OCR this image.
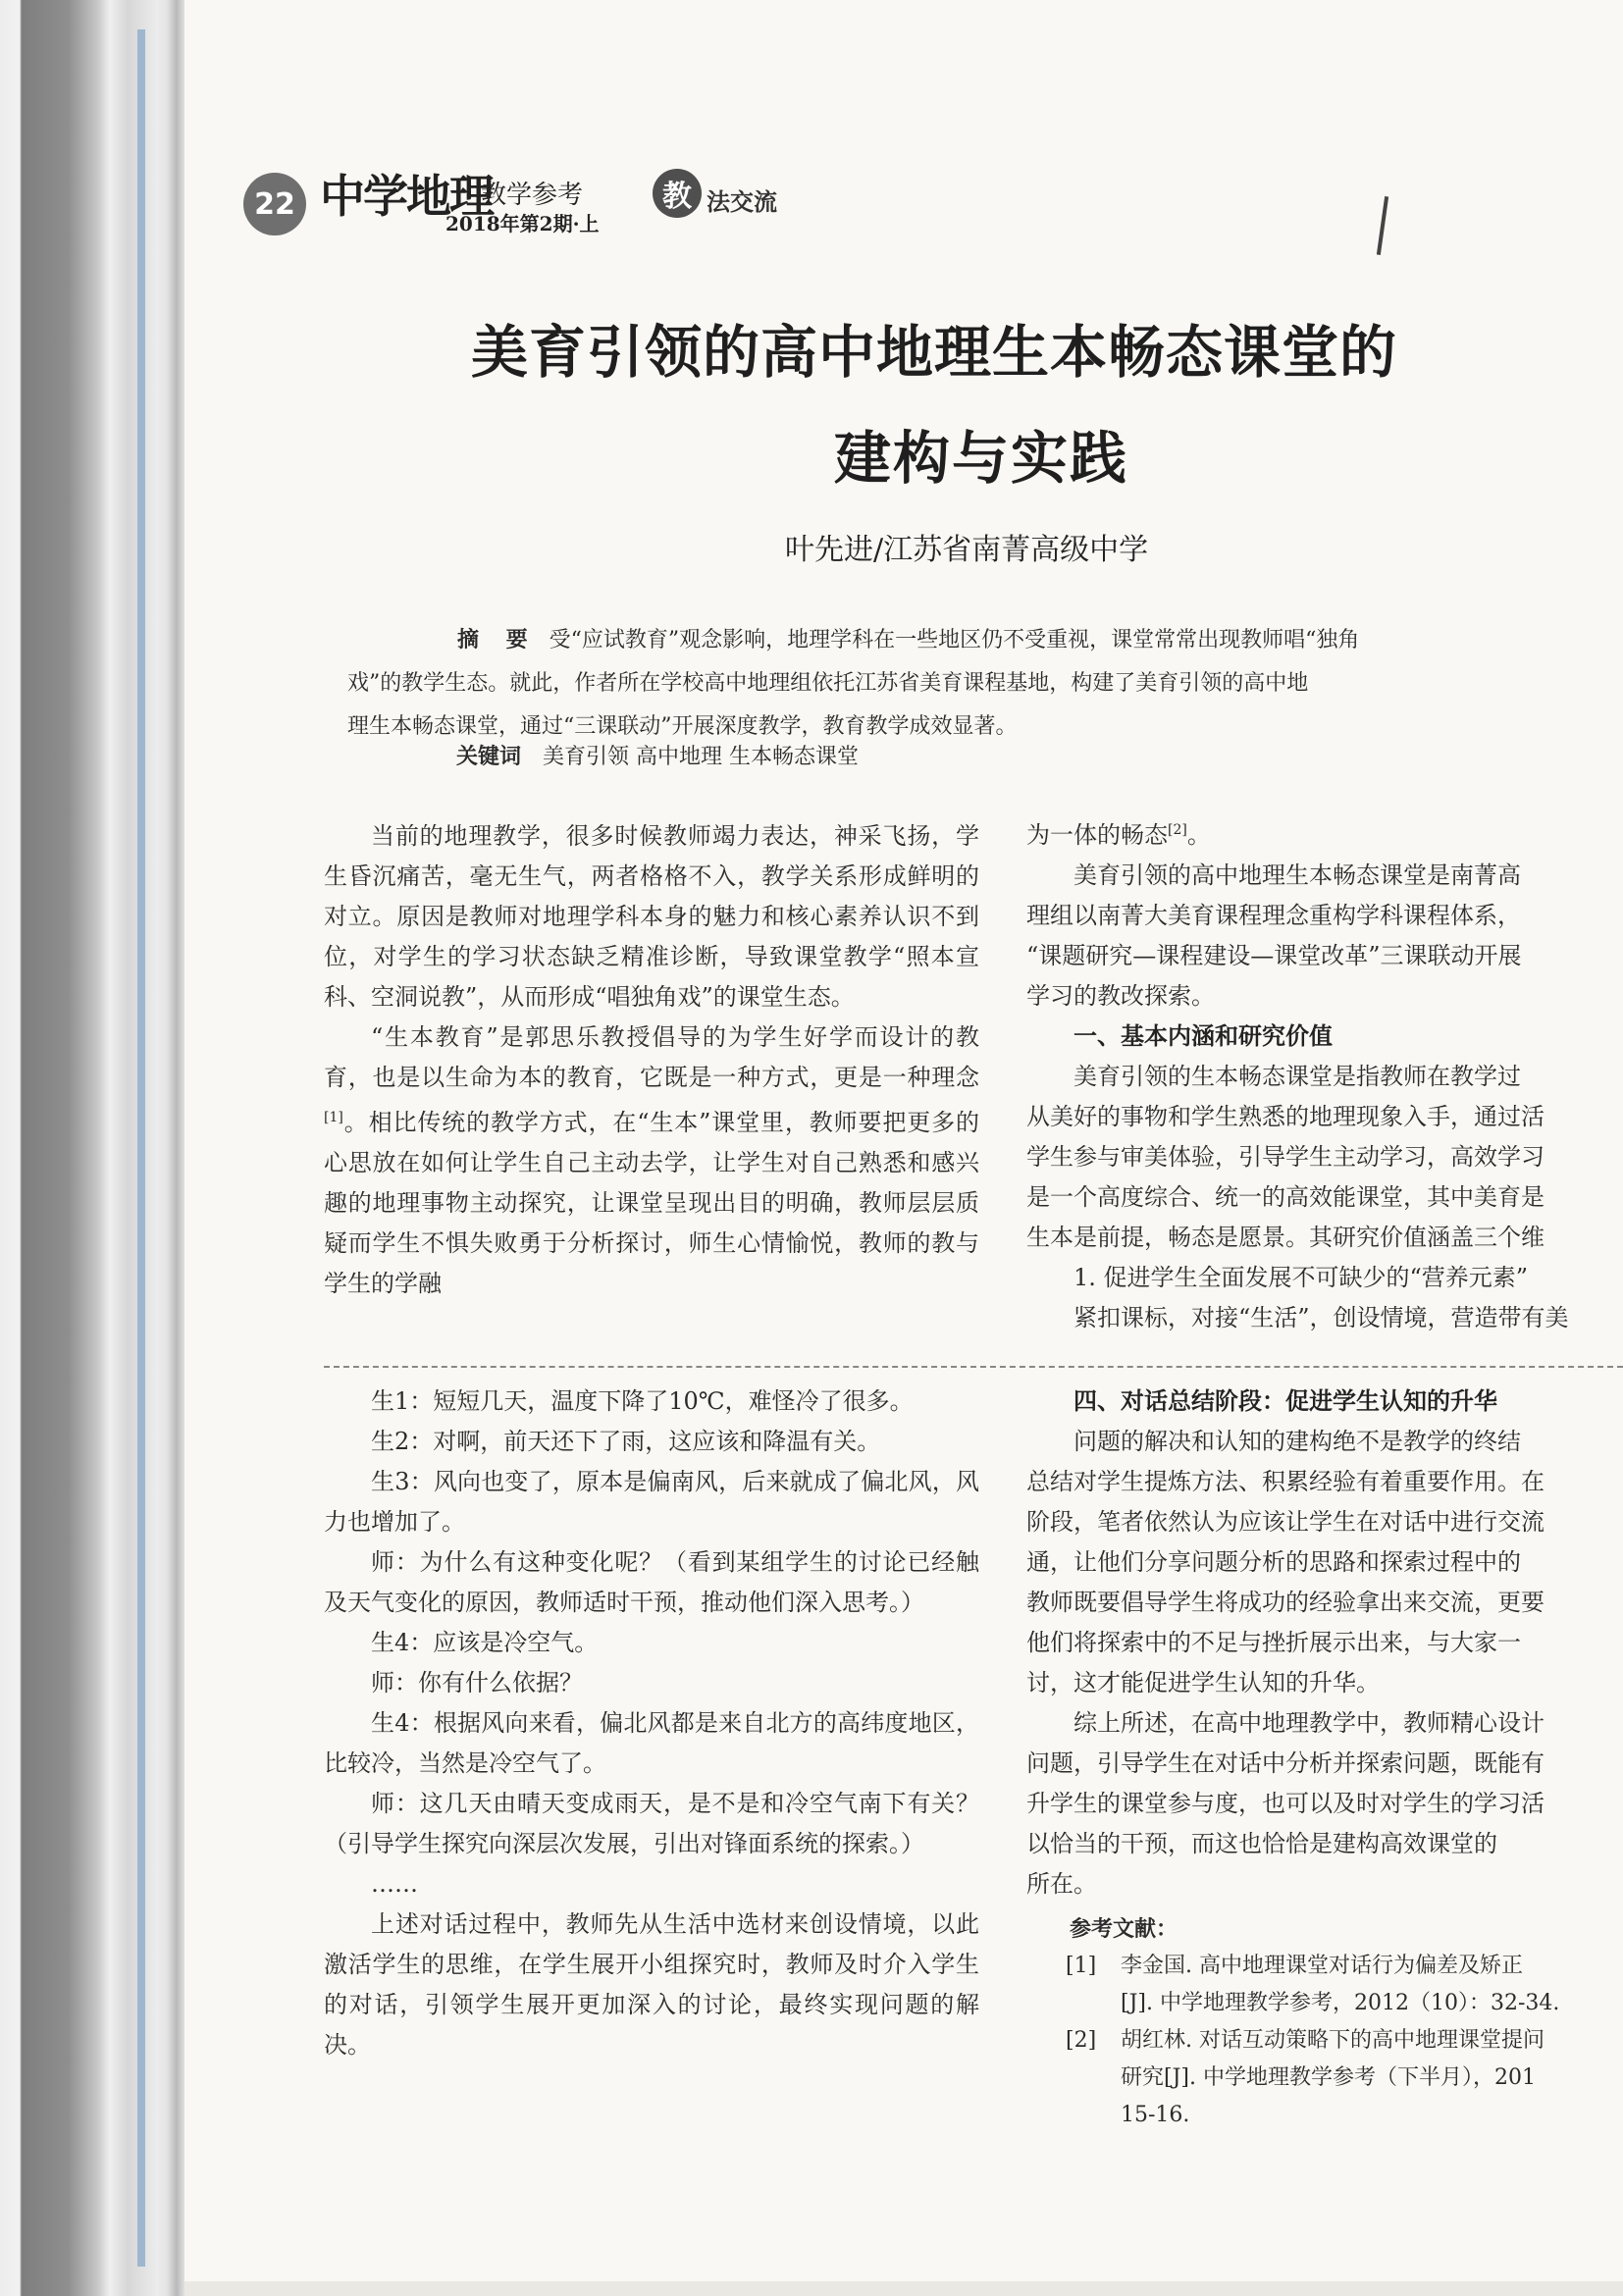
22 中学地理
教学参考
2018年第2期·上
教 法交流
美育引领的高中地理生本畅态课堂的
建构与实践
叶先进/江苏省南菁高级中学
摘 要 受“应试教育”观念影响，地理学科在一些地区仍不受重视，课堂常常出现教师唱“独角
戏”的教学生态。就此，作者所在学校高中地理组依托江苏省美育课程基地，构建了美育引领的高中地
理生本畅态课堂，通过“三课联动”开展深度教学，教育教学成效显著。
关键词 美育引领 高中地理 生本畅态课堂

当前的地理教学，很多时候教师竭力表达，神采飞扬，学生昏沉痛苦，毫无生气，两者格格不入，教学关系形成鲜明的对立。原因是教师对地理学科本身的魅力和核心素养认识不到位，对学生的学习状态缺乏精准诊断，导致课堂教学“照本宣科、空洞说教”，从而形成“唱独角戏”的课堂生态。

“生本教育”是郭思乐教授倡导的为学生好学而设计的教育，也是以生命为本的教育，它既是一种方式，更是一种理念[1]。相比传统的教学方式，在“生本”课堂里，教师要把更多的心思放在如何让学生自己主动去学，让学生对自己熟悉和感兴趣的地理事物主动探究，让课堂呈现出目的明确，教师层层质疑而学生不惧失败勇于分析探讨，师生心情愉悦，教师的教与学生的学融

为一体的畅态[2]。

美育引领的高中地理生本畅态课堂是南菁高

理组以南菁大美育课程理念重构学科课程体系，

“课题研究—课程建设—课堂改革”三课联动开展

学习的教改探索。

一、基本内涵和研究价值

美育引领的生本畅态课堂是指教师在教学过

从美好的事物和学生熟悉的地理现象入手，通过活

学生参与审美体验，引导学生主动学习，高效学习

是一个高度综合、统一的高效能课堂，其中美育是

生本是前提，畅态是愿景。其研究价值涵盖三个维

1. 促进学生全面发展不可缺少的“营养元素”

紧扣课标，对接“生活”，创设情境，营造带有美

生1：短短几天，温度下降了10℃，难怪冷了很多。

生2：对啊，前天还下了雨，这应该和降温有关。

生3：风向也变了，原本是偏南风，后来就成了偏北风，风力也增加了。

师：为什么有这种变化呢？（看到某组学生的讨论已经触及天气变化的原因，教师适时干预，推动他们深入思考。）

生4：应该是冷空气。

师：你有什么依据？

生4：根据风向来看，偏北风都是来自北方的高纬度地区，比较冷，当然是冷空气了。

师：这几天由晴天变成雨天，是不是和冷空气南下有关？（引导学生探究向深层次发展，引出对锋面系统的探索。）

……

上述对话过程中，教师先从生活中选材来创设情境，以此激活学生的思维，在学生展开小组探究时，教师及时介入学生的对话，引领学生展开更加深入的讨论，最终实现问题的解决。

四、对话总结阶段：促进学生认知的升华

问题的解决和认知的建构绝不是教学的终结

总结对学生提炼方法、积累经验有着重要作用。在

阶段，笔者依然认为应该让学生在对话中进行交流

通，让他们分享问题分析的思路和探索过程中的

教师既要倡导学生将成功的经验拿出来交流，更要

他们将探索中的不足与挫折展示出来，与大家一

讨，这才能促进学生认知的升华。

综上所述，在高中地理教学中，教师精心设计

问题，引导学生在对话中分析并探索问题，既能有

升学生的课堂参与度，也可以及时对学生的学习活

以恰当的干预，而这也恰恰是建构高效课堂的

所在。

参考文献：
[1]	李金国. 高中地理课堂对话行为偏差及矫正
[J]. 中学地理教学参考，2012（10）：32-34.
[2]	胡红林. 对话互动策略下的高中地理课堂提问
研究[J]. 中学地理教学参考（下半月），201
15-16.
